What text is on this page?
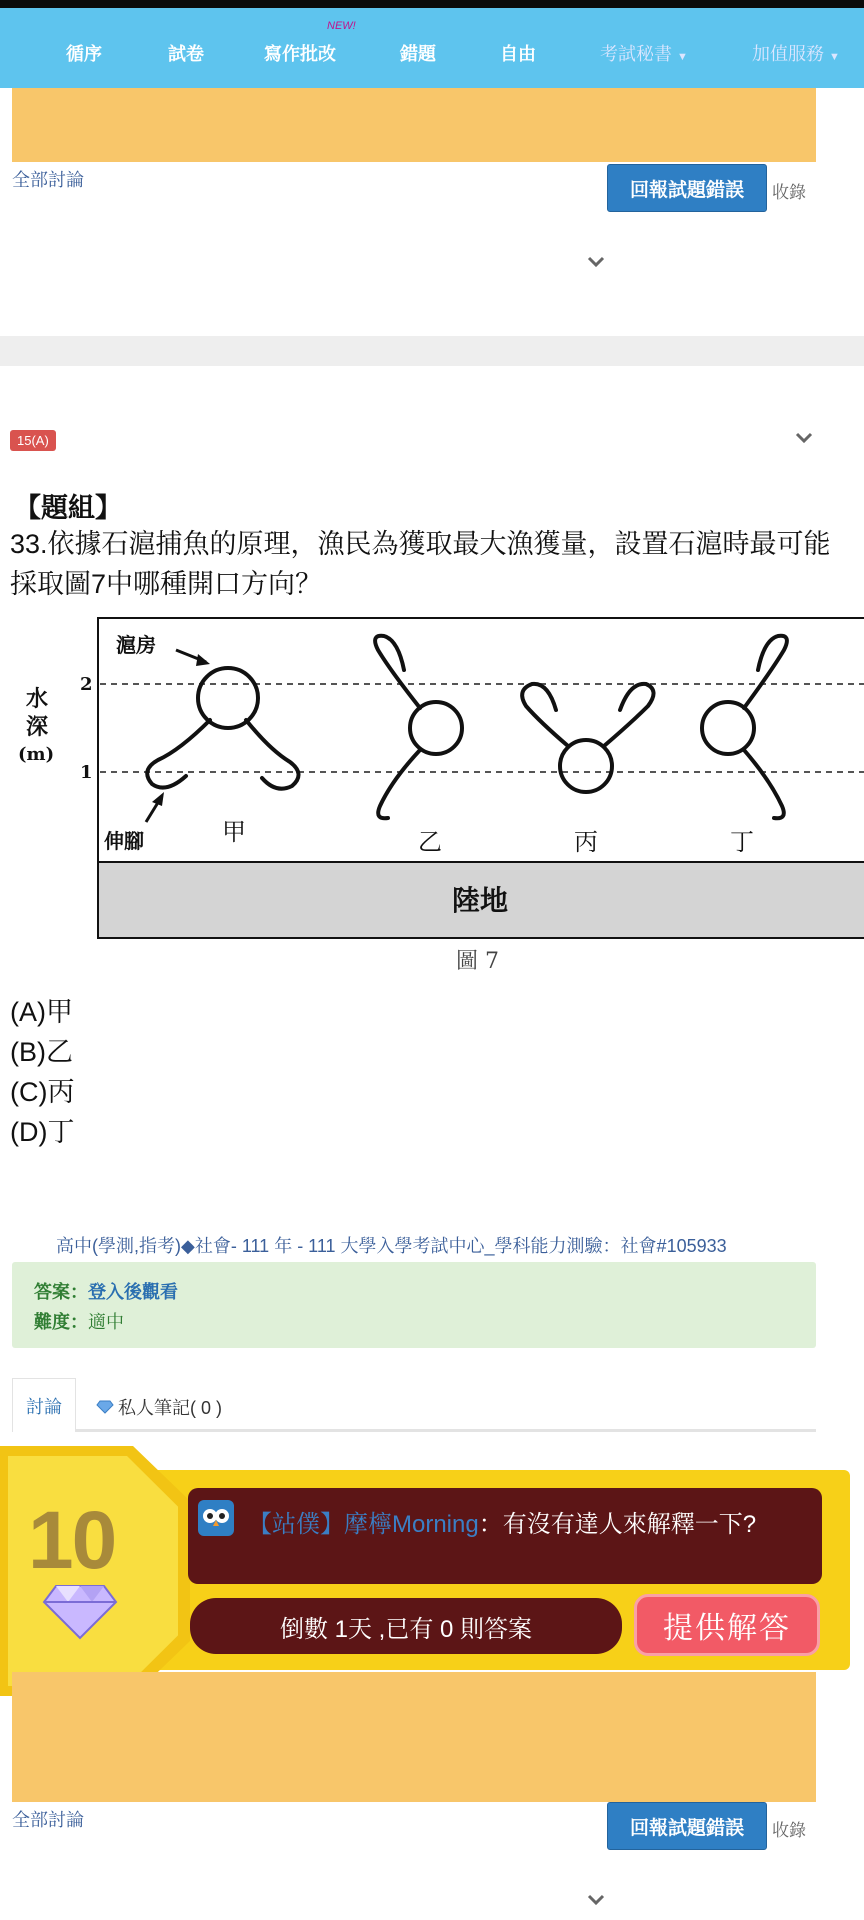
NEW!
循序	試卷	寫作批改	錯題	自由	考試秘書 ▼	加值服務 ▼
全部討論	回報試題錯誤	收錄
15(A)
【題組】
33.依據石滬捕魚的原理，漁民為獲取最大漁獲量，設置石滬時最可能採取圖7中哪種開口方向？
水
深
(m)
2
1
滬房
伸腳	甲	乙	丙	丁
陸地
圖 7
(A)甲
(B)乙
(C)丙
(D)丁
高中(學測,指考)◆社會- 111 年 - 111 大學入學考試中心_學科能力測驗：社會#105933
答案：登入後觀看
難度：適中
討論	私人筆記( 0 )
10	【站僕】摩檸Morning：有沒有達人來解釋一下?
倒數 1天 ,已有 0 則答案	提供解答
全部討論	回報試題錯誤	收錄
